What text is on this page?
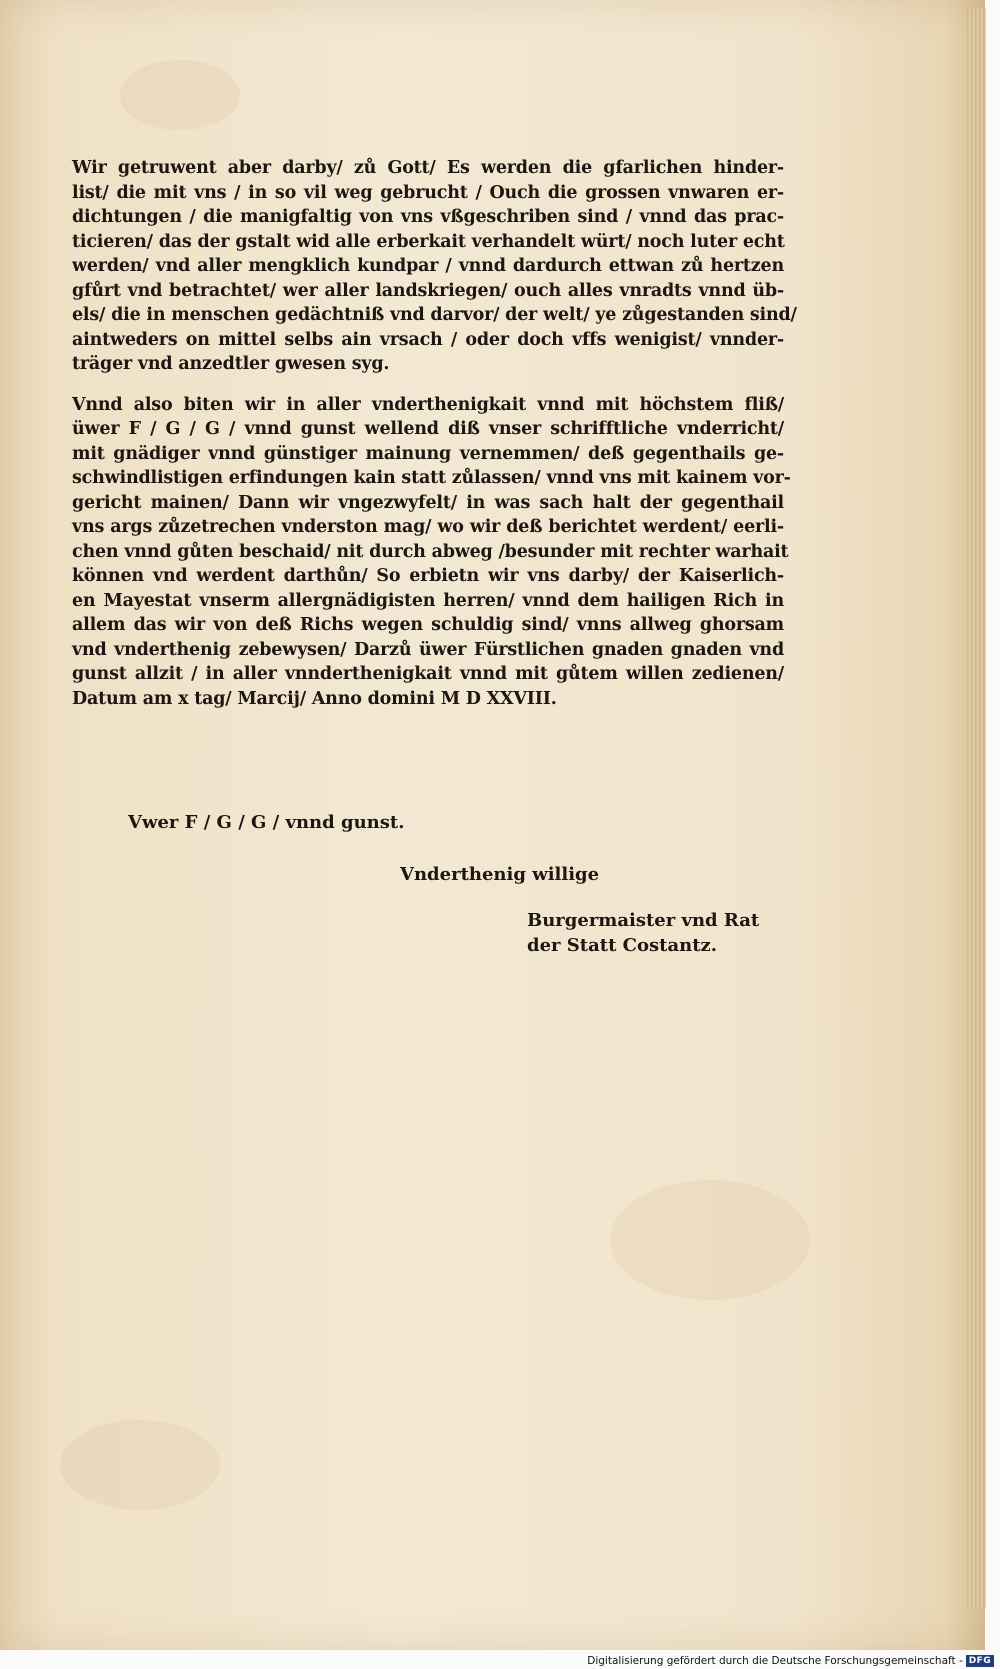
Wir getruwent aber darby/ zů Gott/ Es werden die gfarlichen hinder‑
list/ die mit vns / in so vil weg gebrucht / Ouch die grossen vnwaren er‑
dichtungen / die manigfaltig von vns vßgeschriben sind / vnnd das prac‑
ticieren/ das der gstalt wid alle erberkait verhandelt würt/ noch luter echt
werden/ vnd aller mengklich kundpar / vnnd dardurch ettwan zů hertzen
gfůrt vnd betrachtet/ wer aller landskriegen/ ouch alles vnradts vnnd üb‑
els/ die in menschen gedächtniß vnd darvor/ der welt/ ye zůgestanden sind/
aintweders on mittel selbs ain vrsach / oder doch vffs wenigist/ vnnder‑
träger vnd anzedtler gwesen syg.

Vnnd also biten wir in aller vnderthenigkait vnnd mit höchstem fliß/
üwer F / G / G / vnnd gunst wellend diß vnser schrifftliche vnderricht/
mit gnädiger vnnd günstiger mainung vernemmen/ deß gegenthails ge‑
schwindlistigen erfindungen kain statt zůlassen/ vnnd vns mit kainem vor‑
gericht mainen/ Dann wir vngezwyfelt/ in was sach halt der gegenthail
vns args zůzetrechen vnderston mag/ wo wir deß berichtet werdent/ eerli‑
chen vnnd gůten beschaid/ nit durch abweg /besunder mit rechter warhait
können vnd werdent darthůn/ So erbietn wir vns darby/ der Kaiserlich‑
en Mayestat vnserm allergnädigisten herren/ vnnd dem hailigen Rich in
allem das wir von deß Richs wegen schuldig sind/ vnns allweg ghorsam
vnd vnderthenig zebewysen/ Darzů üwer Fürstlichen gnaden gnaden vnd
gunst allzit / in aller vnnderthenigkait vnnd mit gůtem willen zedienen/
Datum am x tag/ Marcij/ Anno domini M D XXVIII.

Vwer F / G / G / vnnd gunst.
Vnderthenig willige
Burgermaister vnd Rat
der Statt Costantz.
Digitalisierung gefördert durch die Deutsche Forschungsgemeinschaft - DFG
